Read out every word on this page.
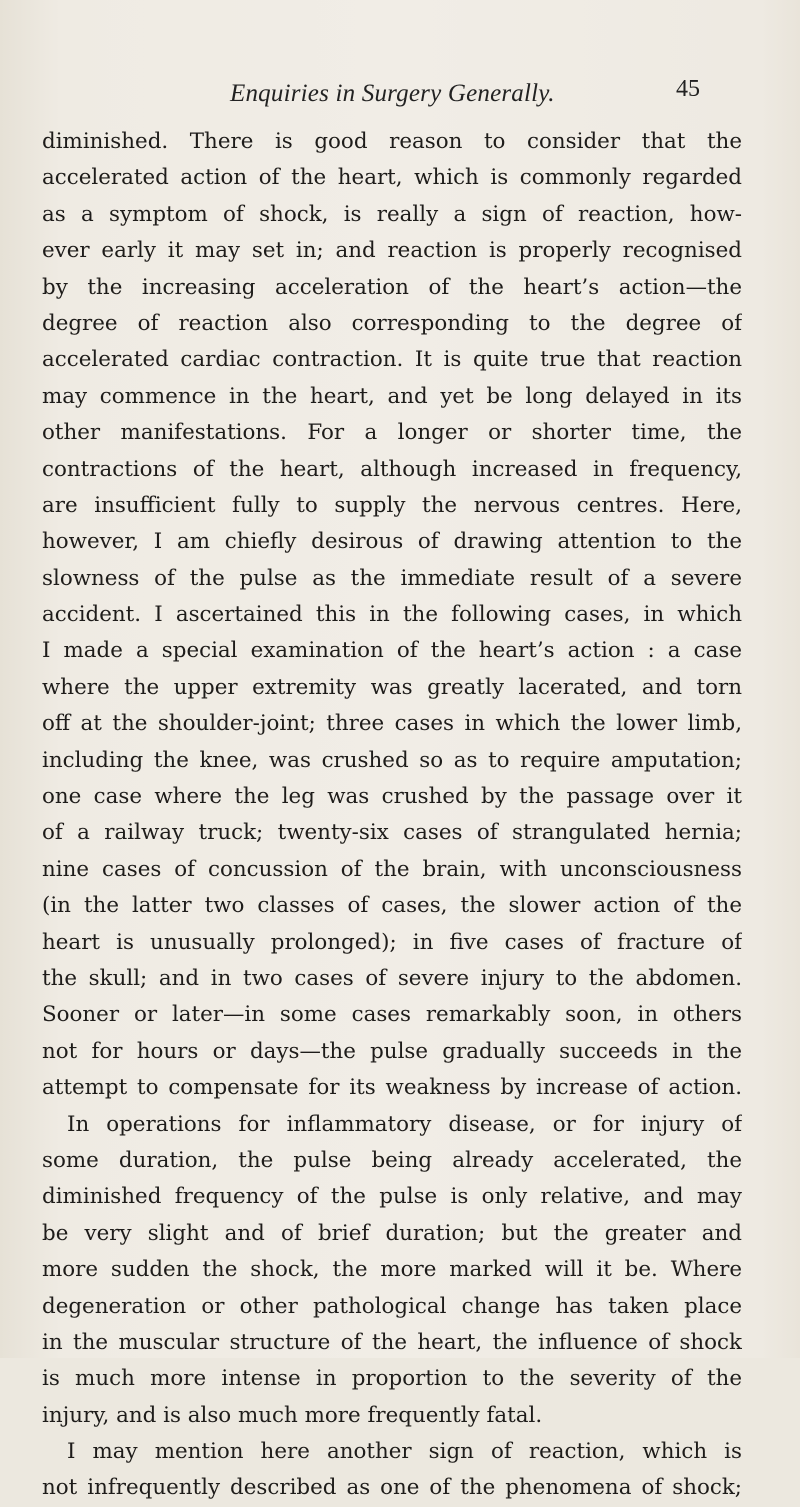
Enquiries in Surgery Generally.	45
diminished. There is good reason to consider that the
accelerated action of the heart, which is commonly regarded
as a symptom of shock, is really a sign of reaction, how-
ever early it may set in; and reaction is properly recognised
by the increasing acceleration of the heart’s action—the
degree of reaction also corresponding to the degree of
accelerated cardiac contraction. It is quite true that reaction
may commence in the heart, and yet be long delayed in its
other manifestations. For a longer or shorter time, the
contractions of the heart, although increased in frequency,
are insufficient fully to supply the nervous centres. Here,
however, I am chiefly desirous of drawing attention to the
slowness of the pulse as the immediate result of a severe
accident. I ascertained this in the following cases, in which
I made a special examination of the heart’s action : a case
where the upper extremity was greatly lacerated, and torn
off at the shoulder-joint; three cases in which the lower limb,
including the knee, was crushed so as to require amputation;
one case where the leg was crushed by the passage over it
of a railway truck; twenty-six cases of strangulated hernia;
nine cases of concussion of the brain, with unconsciousness
(in the latter two classes of cases, the slower action of the
heart is unusually prolonged); in five cases of fracture of
the skull; and in two cases of severe injury to the abdomen.
Sooner or later—in some cases remarkably soon, in others
not for hours or days—the pulse gradually succeeds in the
attempt to compensate for its weakness by increase of action.
In operations for inflammatory disease, or for injury of
some duration, the pulse being already accelerated, the
diminished frequency of the pulse is only relative, and may
be very slight and of brief duration; but the greater and
more sudden the shock, the more marked will it be. Where
degeneration or other pathological change has taken place
in the muscular structure of the heart, the influence of shock
is much more intense in proportion to the severity of the
injury, and is also much more frequently fatal.
I may mention here another sign of reaction, which is
not infrequently described as one of the phenomena of shock;
